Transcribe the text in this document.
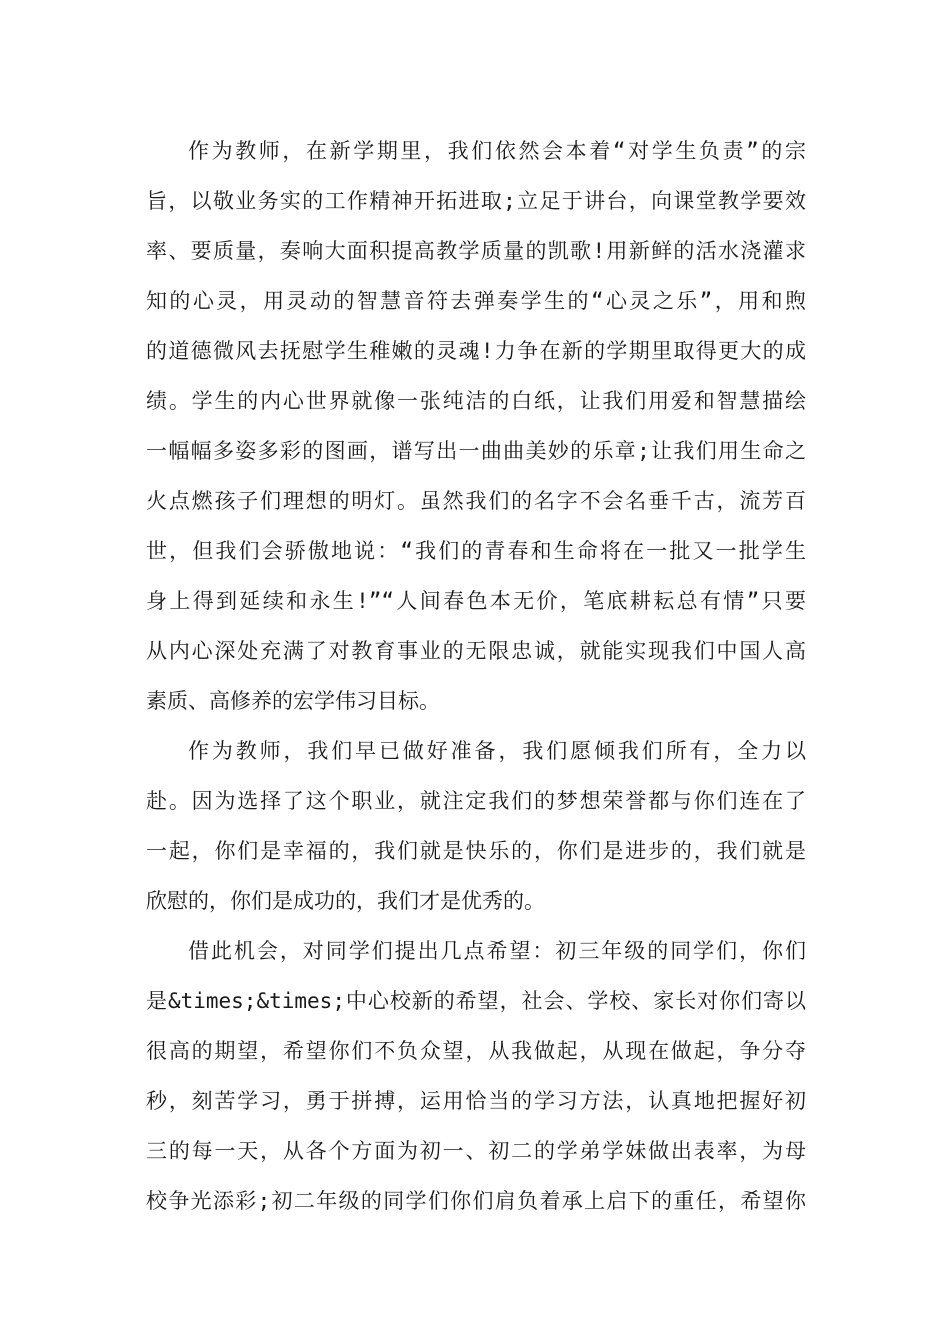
作为教师，在新学期里，我们依然会本着“对学生负责”的宗
旨，以敬业务实的工作精神开拓进取;立足于讲台，向课堂教学要效
率、要质量，奏响大面积提高教学质量的凯歌!用新鲜的活水浇灌求
知的心灵，用灵动的智慧音符去弹奏学生的“心灵之乐”，用和煦
的道德微风去抚慰学生稚嫩的灵魂!力争在新的学期里取得更大的成
绩。学生的内心世界就像一张纯洁的白纸，让我们用爱和智慧描绘
一幅幅多姿多彩的图画，谱写出一曲曲美妙的乐章;让我们用生命之
火点燃孩子们理想的明灯。虽然我们的名字不会名垂千古，流芳百
世，但我们会骄傲地说：“我们的青春和生命将在一批又一批学生
身上得到延续和永生!”“人间春色本无价，笔底耕耘总有情”只要
从内心深处充满了对教育事业的无限忠诚，就能实现我们中国人高
素质、高修养的宏学伟习目标。
作为教师，我们早已做好准备，我们愿倾我们所有，全力以
赴。因为选择了这个职业，就注定我们的梦想荣誉都与你们连在了
一起，你们是幸福的，我们就是快乐的，你们是进步的，我们就是
欣慰的，你们是成功的，我们才是优秀的。
借此机会，对同学们提出几点希望：初三年级的同学们，你们
是&times;&times;中心校新的希望，社会、学校、家长对你们寄以
很高的期望，希望你们不负众望，从我做起，从现在做起，争分夺
秒，刻苦学习，勇于拼搏，运用恰当的学习方法，认真地把握好初
三的每一天，从各个方面为初一、初二的学弟学妹做出表率，为母
校争光添彩;初二年级的同学们你们肩负着承上启下的重任，希望你
